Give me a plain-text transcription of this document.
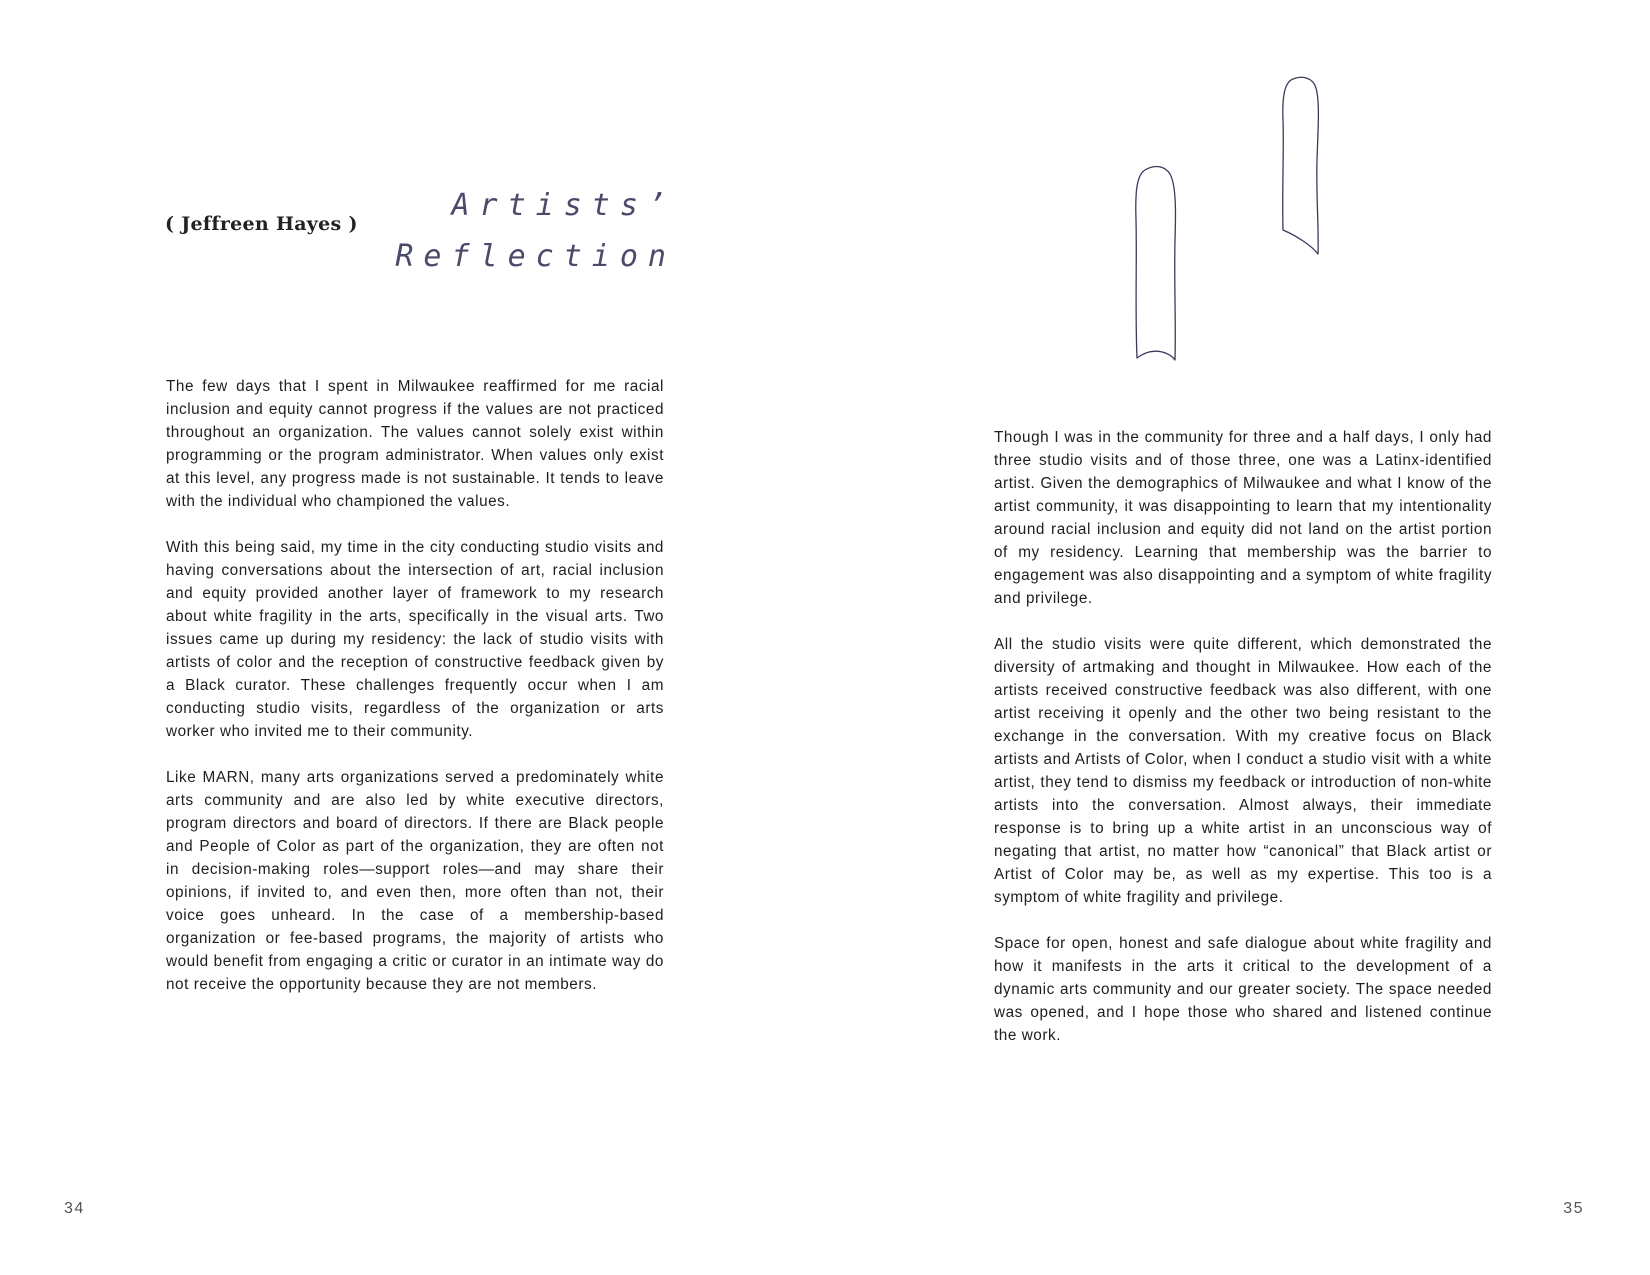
( Jeffreen Hayes )
Artists’
Reflection

The few days that I spent in Milwaukee reaffirmed for me racial inclusion and equity cannot progress if the values are not practiced throughout an organization. The values cannot solely exist within programming or the program administrator. When values only exist at this level, any progress made is not sustainable. It tends to leave with the individual who championed the values.

With this being said, my time in the city conducting studio visits and having conversations about the intersection of art, racial inclusion and equity provided another layer of framework to my research about white fragility in the arts, specifically in the visual arts. Two issues came up during my residency: the lack of studio visits with artists of color and the reception of constructive feedback given by a Black curator. These challenges frequently occur when I am conducting studio visits, regardless of the organization or arts worker who invited me to their community.

Like MARN, many arts organizations served a predominately white arts community and are also led by white executive directors, program directors and board of directors. If there are Black people and People of Color as part of the organization, they are often not in decision-making roles—support roles—and may share their opinions, if invited to, and even then, more often than not, their voice goes unheard. In the case of a membership-based organization or fee-based programs, the majority of artists who would benefit from engaging a critic or curator in an intimate way do not receive the opportunity because they are not members.

34

Though I was in the community for three and a half days, I only had three studio visits and of those three, one was a Latinx-identified artist. Given the demographics of Milwaukee and what I know of the artist community, it was disappointing to learn that my intentionality around racial inclusion and equity did not land on the artist portion of my residency. Learning that membership was the barrier to engagement was also disappointing and a symptom of white fragility and privilege.

All the studio visits were quite different, which demonstrated the diversity of artmaking and thought in Milwaukee. How each of the artists received constructive feedback was also different, with one artist receiving it openly and the other two being resistant to the exchange in the conversation. With my creative focus on Black artists and Artists of Color, when I conduct a studio visit with a white artist, they tend to dismiss my feedback or introduction of non-white artists into the conversation. Almost always, their immediate response is to bring up a white artist in an unconscious way of negating that artist, no matter how “canonical” that Black artist or Artist of Color may be, as well as my expertise. This too is a symptom of white fragility and privilege.

Space for open, honest and safe dialogue about white fragility and how it manifests in the arts it critical to the development of a dynamic arts community and our greater society. The space needed was opened, and I hope those who shared and listened continue the work.

35
